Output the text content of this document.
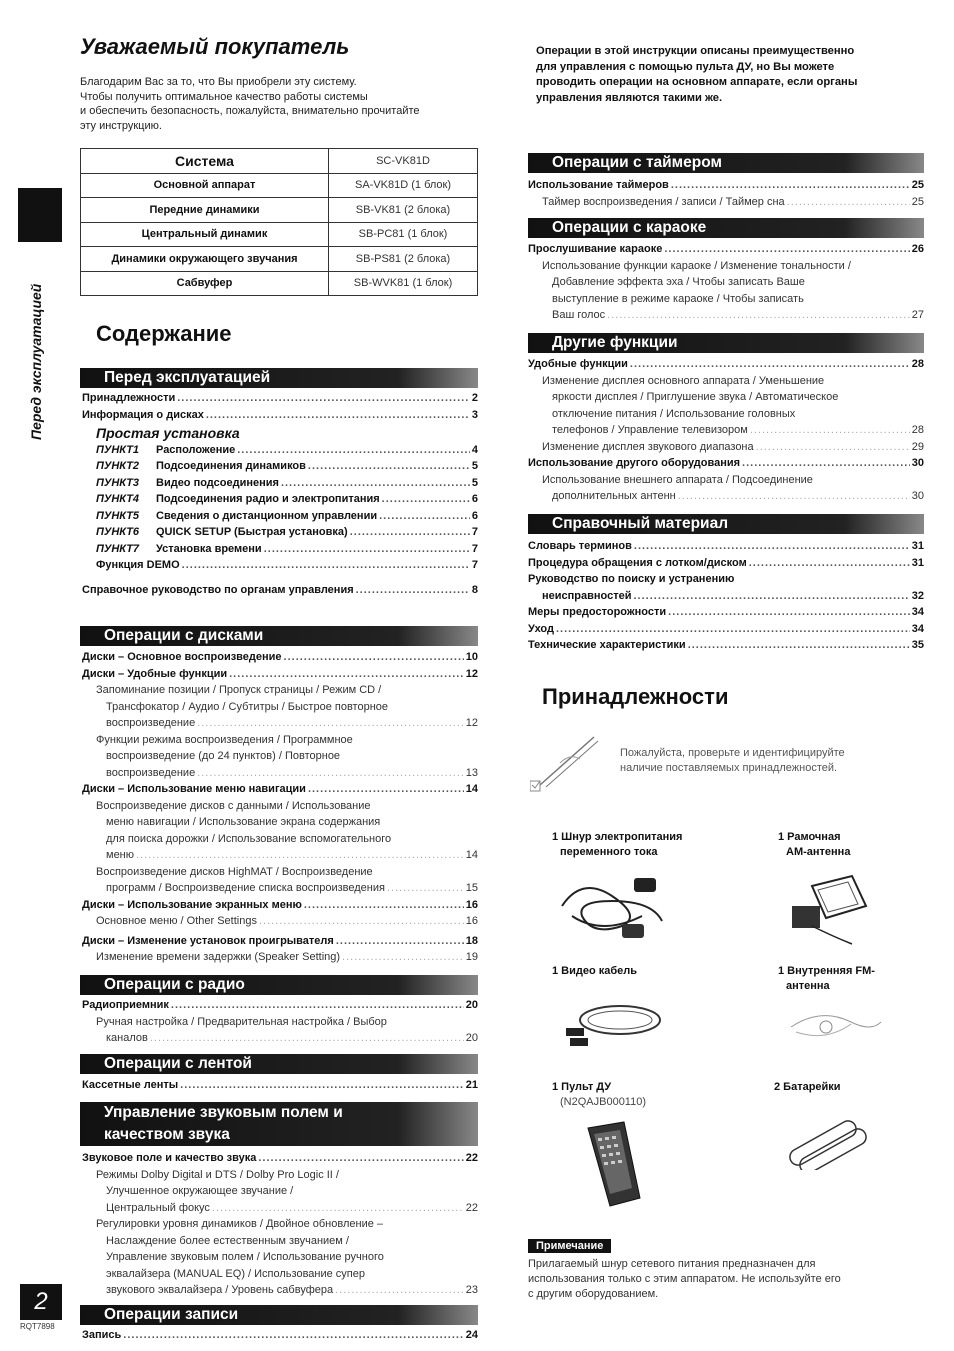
Уважаемый покупатель
Благодарим Вас за то, что Вы приобрели эту систему.
Чтобы получить оптимальное качество работы системы
и обеспечить безопасность, пожалуйста, внимательно прочитайте
эту инструкцию.
Перед эксплуатацией
Система	SC-VK81D
Основной аппарат	SA-VK81D (1 блок)
Передние динамики	SB-VK81 (2 блока)
Центральный динамик	SB-PC81 (1 блок)
Динамики окружающего звучания	SB-PS81 (2 блока)
Сабвуфер	SB-WVK81 (1 блок)
Содержание
Перед эксплуатацией
Принадлежности .....	2
Информация о дисках .....	3
Простая установка
ПУНКТ1	Расположение .....	4
ПУНКТ2	Подсоединения динамиков .....	5
ПУНКТ3	Видео подсоединения .....	5
ПУНКТ4	Подсоединения радио и электропитания .....	6
ПУНКТ5	Сведения о дистанционном управлении .....	6
ПУНКТ6	QUICK SETUP (Быстрая установка) .....	7
ПУНКТ7	Установка времени .....	7
Функция DEMO .....	7
Справочное руководство по органам управления .....	8
Операции с дисками
Диски – Основное воспроизведение .....	10
Диски – Удобные функции .....	12
Запоминание позиции / Пропуск страницы / Режим CD /
Трансфокатор / Аудио / Субтитры / Быстрое повторное
воспроизведение .....	12
Функции режима воспроизведения / Программное
воспроизведение (до 24 пунктов) / Повторное
воспроизведение .....	13
Диски – Использование меню навигации .....	14
Воспроизведение дисков с данными / Использование
меню навигации / Использование экрана содержания
для поиска дорожки / Использование вспомогательного
меню .....	14
Воспроизведение дисков HighMAT / Воспроизведение
программ / Воспроизведение списка воспроизведения .....	15
Диски – Использование экранных меню .....	16
Основное меню / Other Settings .....	16
Диски – Изменение установок проигрывателя .....	18
Изменение времени задержки (Speaker Setting) .....	19
Операции с радио
Радиоприемник .....	20
Ручная настройка / Предварительная настройка / Выбор
каналов .....	20
Операции с лентой
Кассетные ленты .....	21
Управление звуковым полем и
качеством звука
Звуковое поле и качество звука .....	22
Режимы Dolby Digital и DTS / Dolby Pro Logic II /
Улучшенное окружающее звучание /
Центральный фокус .....	22
Регулировки уровня динамиков / Двойное обновление –
Наслаждение более естественным звучанием /
Управление звуковым полем / Использование ручного
эквалайзера (MANUAL EQ) / Использование супер
звукового эквалайзера / Уровень сабвуфера .....	23
Операции записи
Запись .....	24
Операции в этой инструкции описаны преимущественно
для управления с помощью пульта ДУ, но Вы можете
проводить операции на основном аппарате, если органы
управления являются такими же.
Операции с таймером
Использование таймеров .....	25
Таймер воспроизведения / записи / Таймер сна .....	25
Операции с караоке
Прослушивание караоке .....	26
Использование функции караоке / Изменение тональности /
Добавление эффекта эха / Чтобы записать Ваше
выступление в режиме караоке / Чтобы записать
Ваш голос .....	27
Другие функции
Удобные функции .....	28
Изменение дисплея основного аппарата / Уменьшение
яркости дисплея / Приглушение звука / Автоматическое
отключение питания / Использование головных
телефонов / Управление телевизором .....	28
Изменение дисплея звукового диапазона .....	29
Использование другого оборудования .....	30
Использование внешнего аппарата / Подсоединение
дополнительных антенн .....	30
Справочный материал
Словарь терминов .....	31
Процедура обращения с лотком/диском .....	31
Руководство по поиску и устранению
неисправностей .....	32
Меры предосторожности .....	34
Уход .....	34
Технические характеристики .....	35
Принадлежности
Пожалуйста, проверьте и идентифицируйте
наличие поставляемых принадлежностей.
1 Шнур электропитания
переменного тока
1 Рамочная
АМ-антенна
1 Видео кабель	1 Внутренняя FM-
антенна
1 Пульт ДУ
(N2QAJB000110)
2 Батарейки
Примечание
Прилагаемый шнур сетевого питания предназначен для
использования только с этим аппаратом. Не используйте его
с другим оборудованием.
2
RQT7898
